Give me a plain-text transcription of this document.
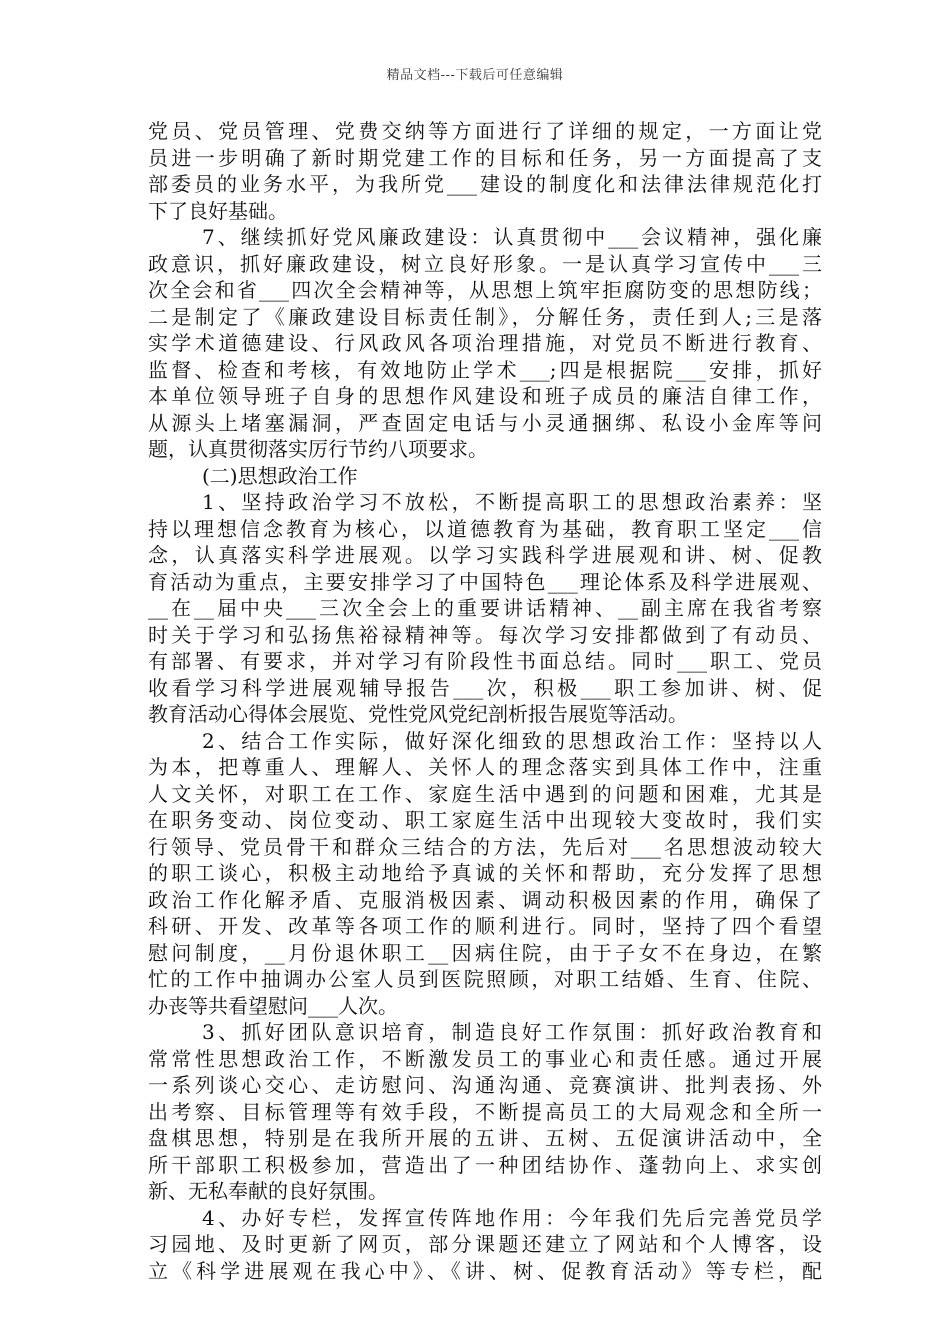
精品文档---下载后可任意编辑
党员、党员管理、党费交纳等方面进行了详细的规定，一方面让党
员进一步明确了新时期党建工作的目标和任务，另一方面提高了支
部委员的业务水平，为我所党___建设的制度化和法律法律规范化打
下了良好基础。
7、继续抓好党风廉政建设：认真贯彻中___会议精神，强化廉
政意识，抓好廉政建设，树立良好形象。一是认真学习宣传中___三
次全会和省___四次全会精神等，从思想上筑牢拒腐防变的思想防线；
二是制定了《廉政建设目标责任制》，分解任务，责任到人;三是落
实学术道德建设、行风政风各项治理措施，对党员不断进行教育、
监督、检查和考核，有效地防止学术___;四是根据院___安排，抓好
本单位领导班子自身的思想作风建设和班子成员的廉洁自律工作，
从源头上堵塞漏洞，严查固定电话与小灵通捆绑、私设小金库等问
题，认真贯彻落实厉行节约八项要求。
(二)思想政治工作
1、坚持政治学习不放松，不断提高职工的思想政治素养：坚
持以理想信念教育为核心，以道德教育为基础，教育职工坚定___信
念，认真落实科学进展观。以学习实践科学进展观和讲、树、促教
育活动为重点，主要安排学习了中国特色___理论体系及科学进展观、
__在__届中央___三次全会上的重要讲话精神、__副主席在我省考察
时关于学习和弘扬焦裕禄精神等。每次学习安排都做到了有动员、
有部署、有要求，并对学习有阶段性书面总结。同时___职工、党员
收看学习科学进展观辅导报告___次，积极___职工参加讲、树、促
教育活动心得体会展览、党性党风党纪剖析报告展览等活动。
2、结合工作实际，做好深化细致的思想政治工作：坚持以人
为本，把尊重人、理解人、关怀人的理念落实到具体工作中，注重
人文关怀，对职工在工作、家庭生活中遇到的问题和困难，尤其是
在职务变动、岗位变动、职工家庭生活中出现较大变故时，我们实
行领导、党员骨干和群众三结合的方法，先后对___名思想波动较大
的职工谈心，积极主动地给予真诚的关怀和帮助，充分发挥了思想
政治工作化解矛盾、克服消极因素、调动积极因素的作用，确保了
科研、开发、改革等各项工作的顺利进行。同时，坚持了四个看望
慰问制度，__月份退休职工__因病住院，由于子女不在身边，在繁
忙的工作中抽调办公室人员到医院照顾，对职工结婚、生育、住院、
办丧等共看望慰问___人次。
3、抓好团队意识培育，制造良好工作氛围：抓好政治教育和
常常性思想政治工作，不断激发员工的事业心和责任感。通过开展
一系列谈心交心、走访慰问、沟通沟通、竞赛演讲、批判表扬、外
出考察、目标管理等有效手段，不断提高员工的大局观念和全所一
盘棋思想，特别是在我所开展的五讲、五树、五促演讲活动中，全
所干部职工积极参加，营造出了一种团结协作、蓬勃向上、求实创
新、无私奉献的良好氛围。
4、办好专栏，发挥宣传阵地作用：今年我们先后完善党员学
习园地、及时更新了网页，部分课题还建立了网站和个人博客，设
立《科学进展观在我心中》、《讲、树、促教育活动》等专栏，配
